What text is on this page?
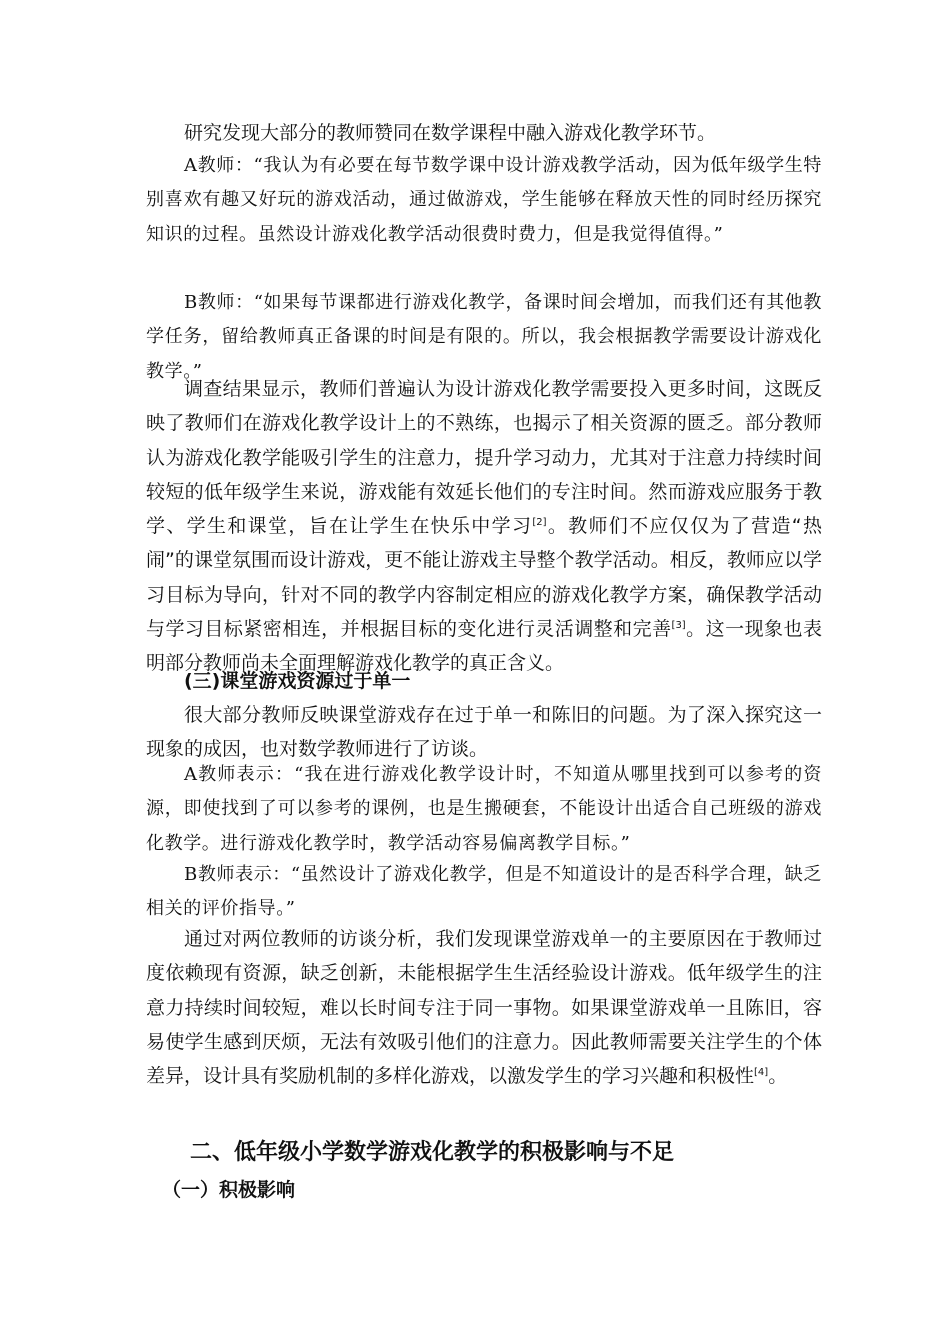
研究发现大部分的教师赞同在数学课程中融入游戏化教学环节。

A教师：“我认为有必要在每节数学课中设计游戏教学活动，因为低年级学生特别喜欢有趣又好玩的游戏活动，通过做游戏，学生能够在释放天性的同时经历探究知识的过程。虽然设计游戏化教学活动很费时费力，但是我觉得值得。”

B教师：“如果每节课都进行游戏化教学，备课时间会增加，而我们还有其他教学任务，留给教师真正备课的时间是有限的。所以，我会根据教学需要设计游戏化教学。”

调查结果显示，教师们普遍认为设计游戏化教学需要投入更多时间，这既反映了教师们在游戏化教学设计上的不熟练，也揭示了相关资源的匮乏。部分教师认为游戏化教学能吸引学生的注意力，提升学习动力，尤其对于注意力持续时间较短的低年级学生来说，游戏能有效延长他们的专注时间。然而游戏应服务于教学、学生和课堂，旨在让学生在快乐中学习[2]。教师们不应仅仅为了营造“热闹”的课堂氛围而设计游戏，更不能让游戏主导整个教学活动。相反，教师应以学习目标为导向，针对不同的教学内容制定相应的游戏化教学方案，确保教学活动与学习目标紧密相连，并根据目标的变化进行灵活调整和完善[3]。这一现象也表明部分教师尚未全面理解游戏化教学的真正含义。

(三)课堂游戏资源过于单一

很大部分教师反映课堂游戏存在过于单一和陈旧的问题。为了深入探究这一现象的成因，也对数学教师进行了访谈。

A教师表示：“我在进行游戏化教学设计时，不知道从哪里找到可以参考的资源，即使找到了可以参考的课例，也是生搬硬套，不能设计出适合自己班级的游戏化教学。进行游戏化教学时，教学活动容易偏离教学目标。”

B教师表示：“虽然设计了游戏化教学，但是不知道设计的是否科学合理，缺乏相关的评价指导。”

通过对两位教师的访谈分析，我们发现课堂游戏单一的主要原因在于教师过度依赖现有资源，缺乏创新，未能根据学生生活经验设计游戏。低年级学生的注意力持续时间较短，难以长时间专注于同一事物。如果课堂游戏单一且陈旧，容易使学生感到厌烦，无法有效吸引他们的注意力。因此教师需要关注学生的个体差异，设计具有奖励机制的多样化游戏，以激发学生的学习兴趣和积极性[4]。

二、低年级小学数学游戏化教学的积极影响与不足
（一）积极影响
